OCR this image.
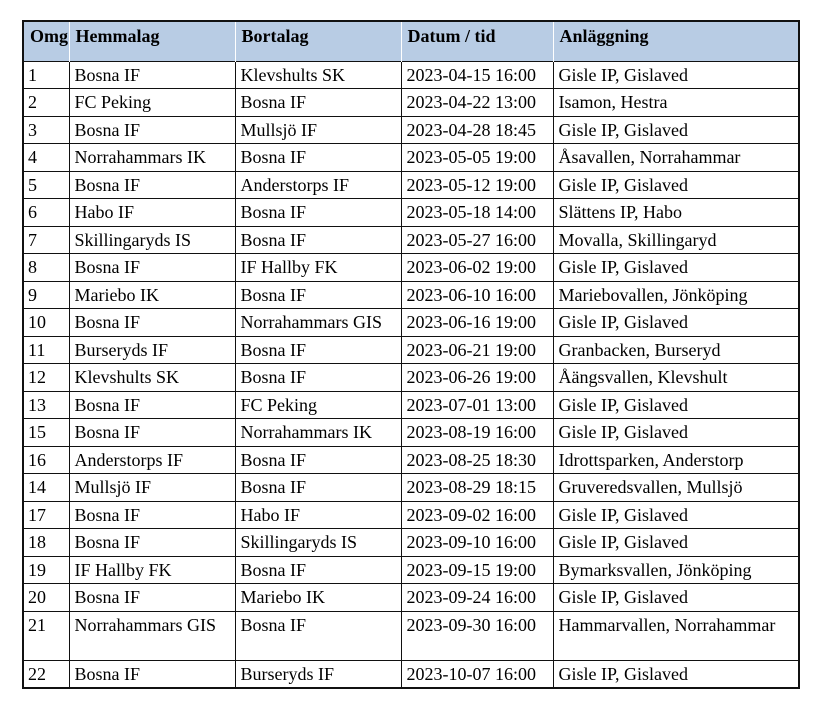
Omg	Hemmalag	Bortalag	Datum / tid	Anläggning
1	Bosna IF	Klevshults SK	2023-04-15 16:00	Gisle IP, Gislaved
2	FC Peking	Bosna IF	2023-04-22 13:00	Isamon, Hestra
3	Bosna IF	Mullsjö IF	2023-04-28 18:45	Gisle IP, Gislaved
4	Norrahammars IK	Bosna IF	2023-05-05 19:00	Åsavallen, Norrahammar
5	Bosna IF	Anderstorps IF	2023-05-12 19:00	Gisle IP, Gislaved
6	Habo IF	Bosna IF	2023-05-18 14:00	Slättens IP, Habo
7	Skillingaryds IS	Bosna IF	2023-05-27 16:00	Movalla, Skillingaryd
8	Bosna IF	IF Hallby FK	2023-06-02 19:00	Gisle IP, Gislaved
9	Mariebo IK	Bosna IF	2023-06-10 16:00	Mariebovallen, Jönköping
10	Bosna IF	Norrahammars GIS	2023-06-16 19:00	Gisle IP, Gislaved
11	Burseryds IF	Bosna IF	2023-06-21 19:00	Granbacken, Burseryd
12	Klevshults SK	Bosna IF	2023-06-26 19:00	Åängsvallen, Klevshult
13	Bosna IF	FC Peking	2023-07-01 13:00	Gisle IP, Gislaved
15	Bosna IF	Norrahammars IK	2023-08-19 16:00	Gisle IP, Gislaved
16	Anderstorps IF	Bosna IF	2023-08-25 18:30	Idrottsparken, Anderstorp
14	Mullsjö IF	Bosna IF	2023-08-29 18:15	Gruveredsvallen, Mullsjö
17	Bosna IF	Habo IF	2023-09-02 16:00	Gisle IP, Gislaved
18	Bosna IF	Skillingaryds IS	2023-09-10 16:00	Gisle IP, Gislaved
19	IF Hallby FK	Bosna IF	2023-09-15 19:00	Bymarksvallen, Jönköping
20	Bosna IF	Mariebo IK	2023-09-24 16:00	Gisle IP, Gislaved
21	Norrahammars GIS	Bosna IF	2023-09-30 16:00	Hammarvallen, Norrahammar
22	Bosna IF	Burseryds IF	2023-10-07 16:00	Gisle IP, Gislaved
